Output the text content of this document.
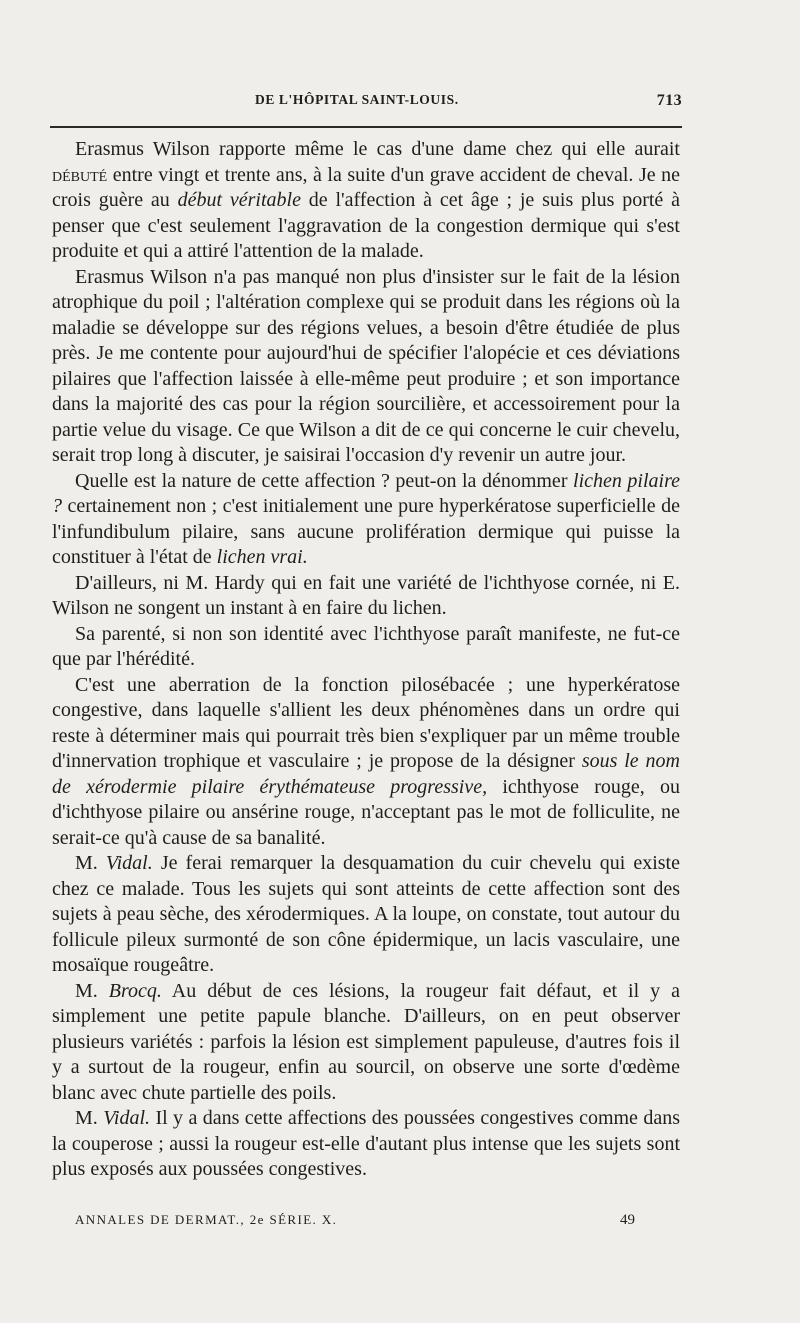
DE L'HÔPITAL SAINT-LOUIS.	713

Erasmus Wilson rapporte même le cas d'une dame chez qui elle aurait débuté entre vingt et trente ans, à la suite d'un grave accident de cheval. Je ne crois guère au début véritable de l'affection à cet âge ; je suis plus porté à penser que c'est seulement l'aggravation de la congestion dermique qui s'est produite et qui a attiré l'attention de la malade.

Erasmus Wilson n'a pas manqué non plus d'insister sur le fait de la lésion atrophique du poil ; l'altération complexe qui se produit dans les régions où la maladie se développe sur des régions velues, a besoin d'être étudiée de plus près. Je me contente pour aujourd'hui de spécifier l'alopécie et ces déviations pilaires que l'affection laissée à elle-même peut produire ; et son importance dans la majorité des cas pour la région sourcilière, et accessoirement pour la partie velue du visage. Ce que Wilson a dit de ce qui concerne le cuir chevelu, serait trop long à discuter, je saisirai l'occasion d'y revenir un autre jour.

Quelle est la nature de cette affection ? peut-on la dénommer lichen pilaire ? certainement non ; c'est initialement une pure hyperkératose superficielle de l'infundibulum pilaire, sans aucune prolifération dermique qui puisse la constituer à l'état de lichen vrai.

D'ailleurs, ni M. Hardy qui en fait une variété de l'ichthyose cornée, ni E. Wilson ne songent un instant à en faire du lichen.

Sa parenté, si non son identité avec l'ichthyose paraît manifeste, ne fut-ce que par l'hérédité.

C'est une aberration de la fonction pilosébacée ; une hyperkératose congestive, dans laquelle s'allient les deux phénomènes dans un ordre qui reste à déterminer mais qui pourrait très bien s'expliquer par un même trouble d'innervation trophique et vasculaire ; je propose de la désigner sous le nom de xérodermie pilaire érythémateuse progressive, ichthyose rouge, ou d'ichthyose pilaire ou ansérine rouge, n'acceptant pas le mot de folliculite, ne serait-ce qu'à cause de sa banalité.

M. Vidal. Je ferai remarquer la desquamation du cuir chevelu qui existe chez ce malade. Tous les sujets qui sont atteints de cette affection sont des sujets à peau sèche, des xérodermiques. A la loupe, on constate, tout autour du follicule pileux surmonté de son cône épidermique, un lacis vasculaire, une mosaïque rougeâtre.

M. Brocq. Au début de ces lésions, la rougeur fait défaut, et il y a simplement une petite papule blanche. D'ailleurs, on en peut observer plusieurs variétés : parfois la lésion est simplement papuleuse, d'autres fois il y a surtout de la rougeur, enfin au sourcil, on observe une sorte d'œdème blanc avec chute partielle des poils.

M. Vidal. Il y a dans cette affections des poussées congestives comme dans la couperose ; aussi la rougeur est-elle d'autant plus intense que les sujets sont plus exposés aux poussées congestives.

ANNALES DE DERMAT., 2e SÉRIE. X.	49
